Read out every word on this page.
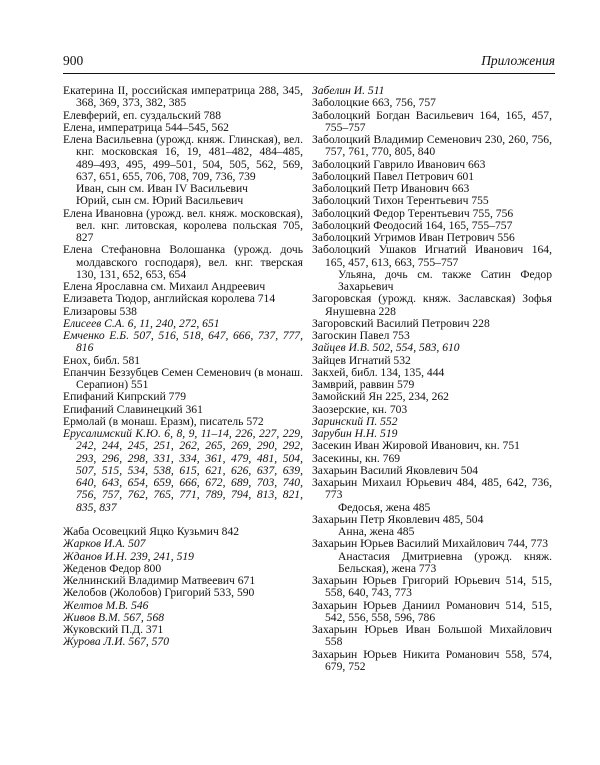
900	Приложения
Екатерина II, российская императрица 288, 345, 368, 369, 373, 382, 385
Елевферий, еп. суздальский 788
Елена, императрица 544–545, 562
Елена Васильевна (урожд. княж. Глинская), вел. кнг. московская 16, 19, 481–482, 484–485, 489–493, 495, 499–501, 504, 505, 562, 569, 637, 651, 655, 706, 708, 709, 736, 739
Иван, сын см. Иван IV Васильевич
Юрий, сын см. Юрий Васильевич
Елена Ивановна (урожд. вел. княж. московская), вел. кнг. литовская, королева польская 705, 827
Елена Стефановна Волошанка (урожд. дочь молдавского господаря), вел. кнг. тверская 130, 131, 652, 653, 654
Елена Ярославна см. Михаил Андреевич
Елизавета Тюдор, английская королева 714
Елизаровы 538
Елисеев С.А. 6, 11, 240, 272, 651
Емченко Е.Б. 507, 516, 518, 647, 666, 737, 777, 816
Енох, библ. 581
Епанчин Беззубцев Семен Семенович (в монаш. Серапион) 551
Епифаний Кипрский 779
Епифаний Славинецкий 361
Ермолай (в монаш. Еразм), писатель 572
Ерусалимский К.Ю. 6, 8, 9, 11–14, 226, 227, 229, 242, 244, 245, 251, 262, 265, 269, 290, 292, 293, 296, 298, 331, 334, 361, 479, 481, 504, 507, 515, 534, 538, 615, 621, 626, 637, 639, 640, 643, 654, 659, 666, 672, 689, 703, 740, 756, 757, 762, 765, 771, 789, 794, 813, 821, 835, 837
Жаба Осовецкий Яцко Кузьмич 842
Жарков И.А. 507
Жданов И.Н. 239, 241, 519
Жеденов Федор 800
Желнинский Владимир Матвеевич 671
Желобов (Жолобов) Григорий 533, 590
Желтов М.В. 546
Живов В.М. 567, 568
Жуковский П.Д. 371
Журова Л.И. 567, 570
Забелин И. 511
Заболоцкие 663, 756, 757
Заболоцкий Богдан Васильевич 164, 165, 457, 755–757
Заболоцкий Владимир Семенович 230, 260, 756, 757, 761, 770, 805, 840
Заболоцкий Гаврило Иванович 663
Заболоцкий Павел Петрович 601
Заболоцкий Петр Иванович 663
Заболоцкий Тихон Терентьевич 755
Заболоцкий Федор Терентьевич 755, 756
Заболоцкий Феодосий 164, 165, 755–757
Заболоцкий Угримов Иван Петрович 556
Заболоцкий Ушаков Игнатий Иванович 164, 165, 457, 613, 663, 755–757
Ульяна, дочь см. также Сатин Федор Захарьевич
Загоровская (урожд. княж. Заславская) Зофья Янушевна 228
Загоровский Василий Петрович 228
Загоскин Павел 753
Зайцев И.В. 502, 554, 583, 610
Зайцев Игнатий 532
Закхей, библ. 134, 135, 444
Замврий, раввин 579
Замойский Ян 225, 234, 262
Заозерские, кн. 703
Заринский П. 552
Зарубин Н.Н. 519
Засекин Иван Жировой Иванович, кн. 751
Засекины, кн. 769
Захарьин Василий Яковлевич 504
Захарьин Михаил Юрьевич 484, 485, 642, 736, 773
Федосья, жена 485
Захарьин Петр Яковлевич 485, 504
Анна, жена 485
Захарьин Юрьев Василий Михайлович 744, 773
Анастасия Дмитриевна (урожд. княж. Бельская), жена 773
Захарьин Юрьев Григорий Юрьевич 514, 515, 558, 640, 743, 773
Захарьин Юрьев Даниил Романович 514, 515, 542, 556, 558, 596, 786
Захарьин Юрьев Иван Большой Михайлович 558
Захарьин Юрьев Никита Романович 558, 574, 679, 752
